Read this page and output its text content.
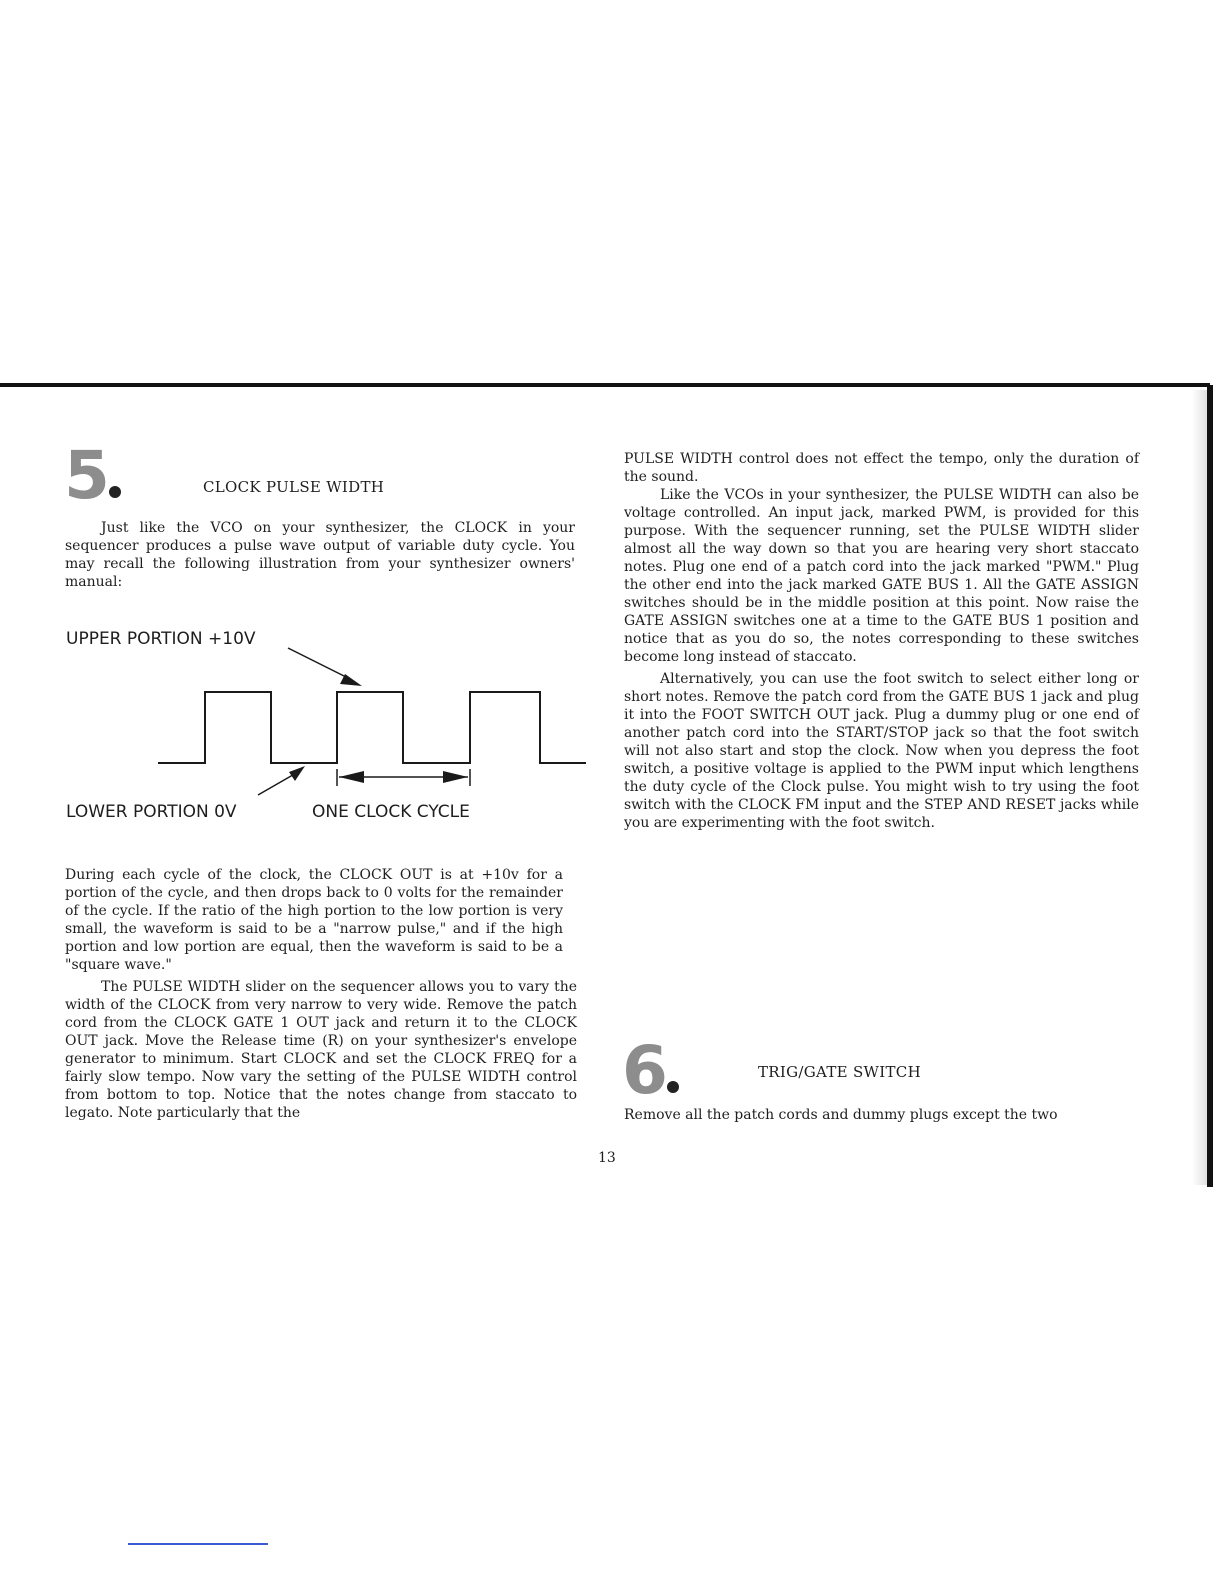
5	CLOCK PULSE WIDTH

Just like the VCO on your synthesizer, the CLOCK in your sequencer produces a pulse wave output of variable duty cycle. You may recall the following illustration from your synthesizer owners' manual:

UPPER PORTION +10V
LOWER PORTION 0V	ONE CLOCK CYCLE

During each cycle of the clock, the CLOCK OUT is at +10v for a portion of the cycle, and then drops back to 0 volts for the remainder of the cycle. If the ratio of the high portion to the low portion is very small, the waveform is said to be a "narrow pulse," and if the high portion and low portion are equal, then the waveform is said to be a "square wave."

The PULSE WIDTH slider on the sequencer allows you to vary the width of the CLOCK from very narrow to very wide. Remove the patch cord from the CLOCK GATE 1 OUT jack and return it to the CLOCK OUT jack. Move the Release time (R) on your synthesizer's envelope generator to minimum. Start CLOCK and set the CLOCK FREQ for a fairly slow tempo. Now vary the setting of the PULSE WIDTH control from bottom to top. Notice that the notes change from staccato to legato. Note particularly that the

PULSE WIDTH control does not effect the tempo, only the duration of the sound.

Like the VCOs in your synthesizer, the PULSE WIDTH can also be voltage controlled. An input jack, marked PWM, is provided for this purpose. With the sequencer running, set the PULSE WIDTH slider almost all the way down so that you are hearing very short staccato notes. Plug one end of a patch cord into the jack marked "PWM." Plug the other end into the jack marked GATE BUS 1. All the GATE ASSIGN switches should be in the middle position at this point. Now raise the GATE ASSIGN switches one at a time to the GATE BUS 1 position and notice that as you do so, the notes corresponding to these switches become long instead of staccato.

Alternatively, you can use the foot switch to select either long or short notes. Remove the patch cord from the GATE BUS 1 jack and plug it into the FOOT SWITCH OUT jack. Plug a dummy plug or one end of another patch cord into the START/STOP jack so that the foot switch will not also start and stop the clock. Now when you depress the foot switch, a positive voltage is applied to the PWM input which lengthens the duty cycle of the Clock pulse. You might wish to try using the foot switch with the CLOCK FM input and the STEP AND RESET jacks while you are experimenting with the foot switch.

6	TRIG/GATE SWITCH

Remove all the patch cords and dummy plugs except the two

13
